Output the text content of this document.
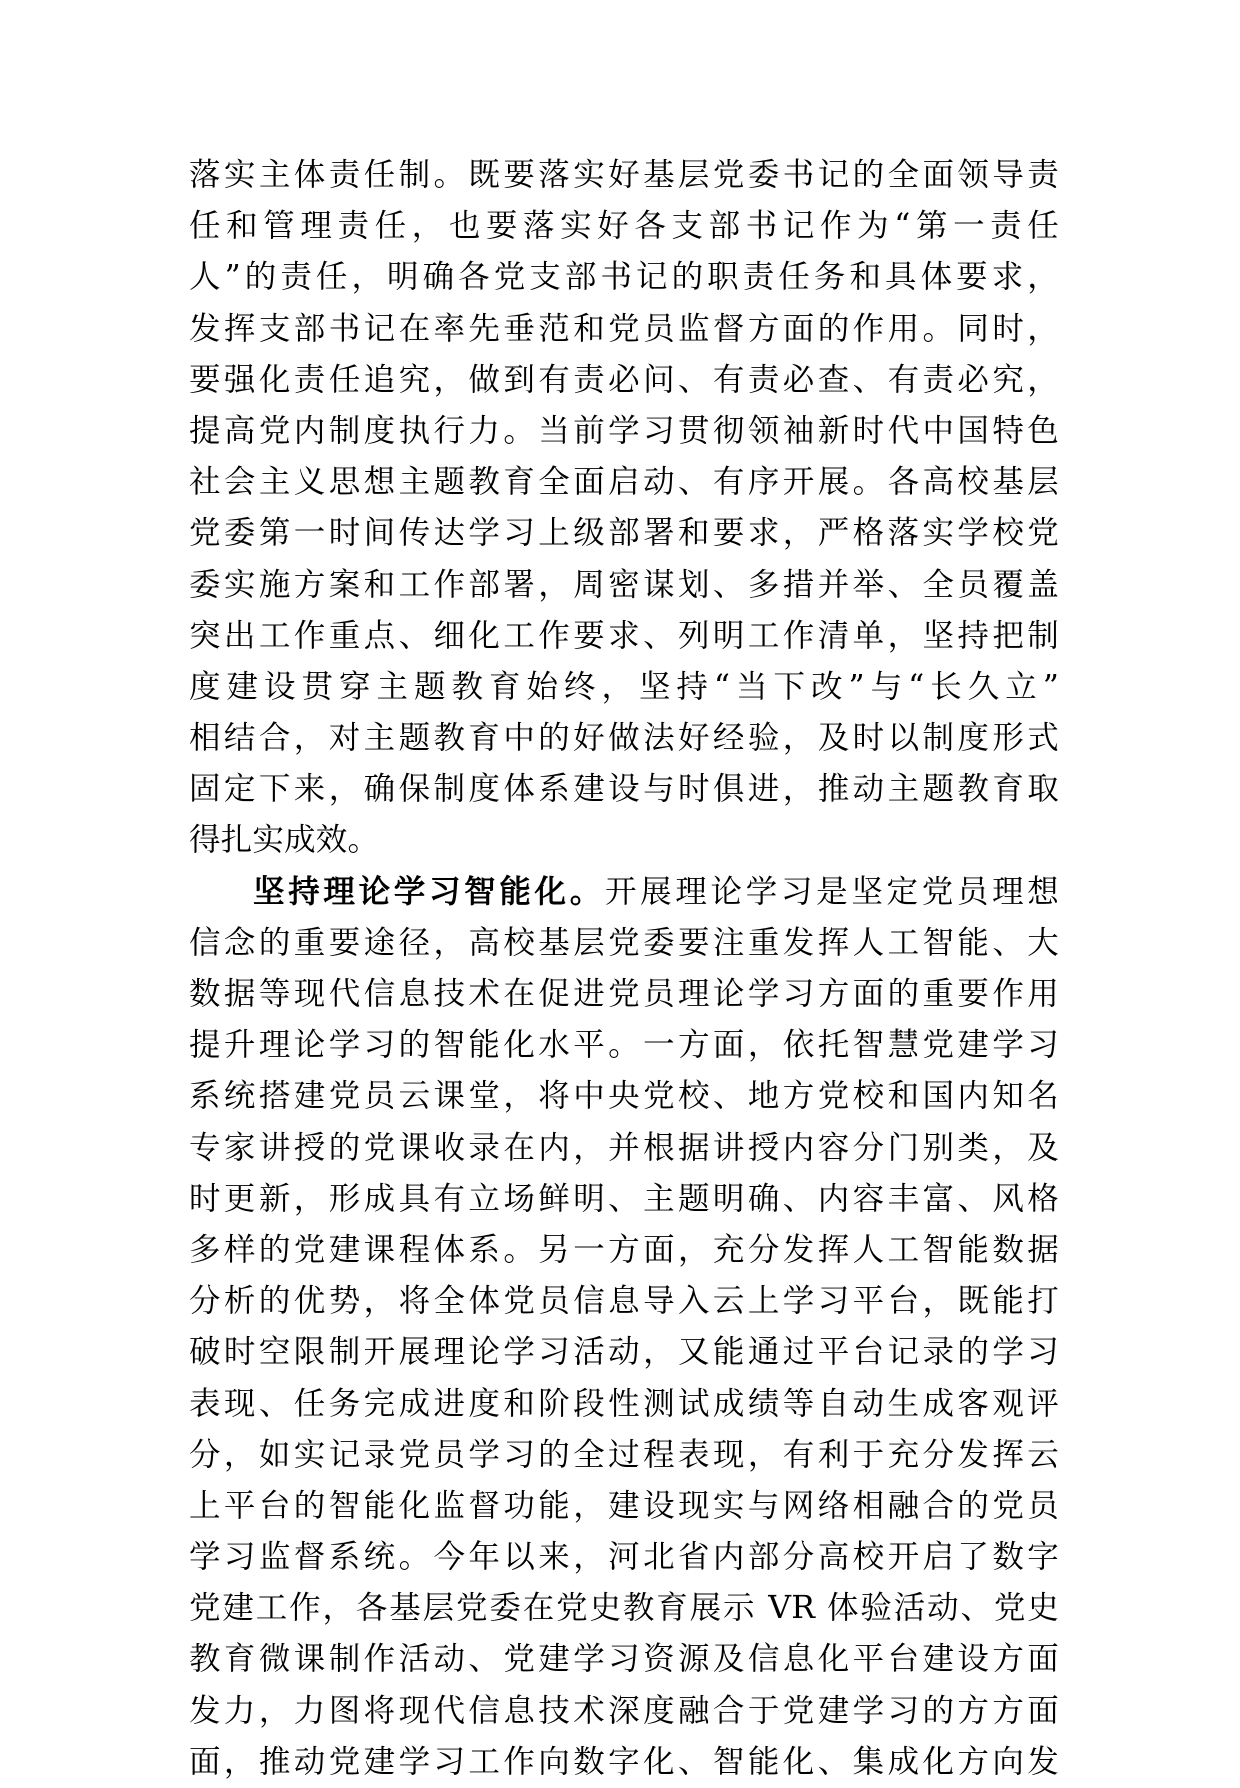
落实主体责任制。既要落实好基层党委书记的全面领导责
任和管理责任，也要落实好各支部书记作为“第一责任
人”的责任，明确各党支部书记的职责任务和具体要求，
发挥支部书记在率先垂范和党员监督方面的作用。同时，
要强化责任追究，做到有责必问、有责必查、有责必究，
提高党内制度执行力。当前学习贯彻领袖新时代中国特色
社会主义思想主题教育全面启动、有序开展。各高校基层
党委第一时间传达学习上级部署和要求，严格落实学校党
委实施方案和工作部署，周密谋划、多措并举、全员覆盖
突出工作重点、细化工作要求、列明工作清单，坚持把制
度建设贯穿主题教育始终，坚持“当下改”与“长久立”
相结合，对主题教育中的好做法好经验，及时以制度形式
固定下来，确保制度体系建设与时俱进，推动主题教育取
得扎实成效。
坚持理论学习智能化。开展理论学习是坚定党员理想
信念的重要途径，高校基层党委要注重发挥人工智能、大
数据等现代信息技术在促进党员理论学习方面的重要作用
提升理论学习的智能化水平。一方面，依托智慧党建学习
系统搭建党员云课堂，将中央党校、地方党校和国内知名
专家讲授的党课收录在内，并根据讲授内容分门别类，及
时更新，形成具有立场鲜明、主题明确、内容丰富、风格
多样的党建课程体系。另一方面，充分发挥人工智能数据
分析的优势，将全体党员信息导入云上学习平台，既能打
破时空限制开展理论学习活动，又能通过平台记录的学习
表现、任务完成进度和阶段性测试成绩等自动生成客观评
分，如实记录党员学习的全过程表现，有利于充分发挥云
上平台的智能化监督功能，建设现实与网络相融合的党员
学习监督系统。今年以来，河北省内部分高校开启了数字
党建工作，各基层党委在党史教育展示 VR 体验活动、党史
教育微课制作活动、党建学习资源及信息化平台建设方面
发力，力图将现代信息技术深度融合于党建学习的方方面
面，推动党建学习工作向数字化、智能化、集成化方向发
